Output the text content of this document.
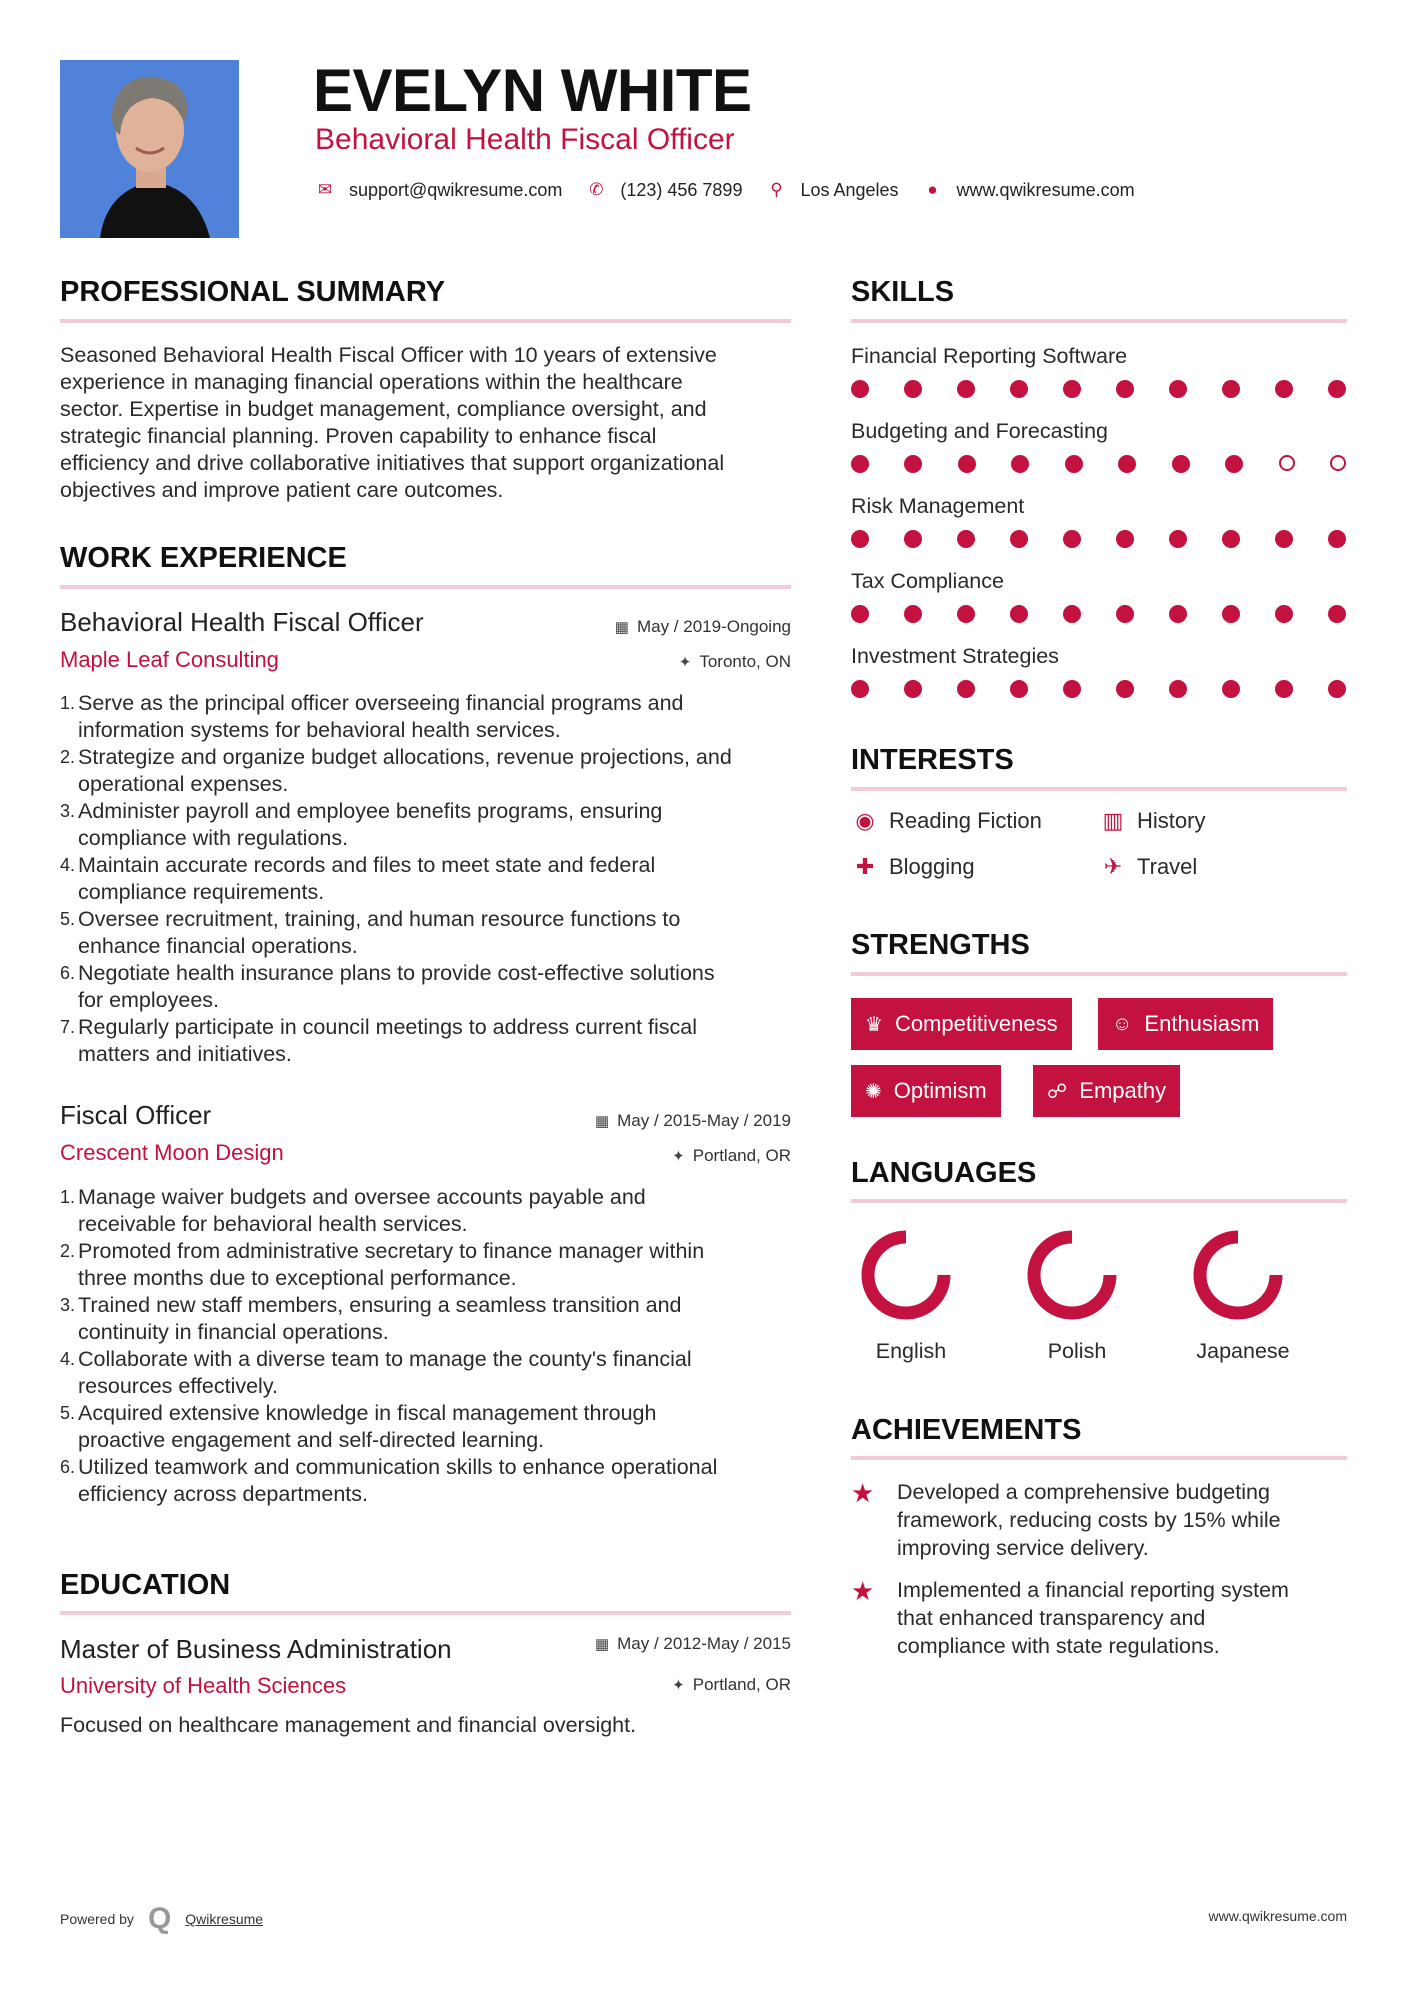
EVELYN WHITE
Behavioral Health Fiscal Officer
✉ support@qwikresume.com ✆ (123) 456 7899 ⚲ Los Angeles ● www.qwikresume.com
PROFESSIONAL SUMMARY
Seasoned Behavioral Health Fiscal Officer with 10 years of extensive
experience in managing financial operations within the healthcare
sector. Expertise in budget management, compliance oversight, and
strategic financial planning. Proven capability to enhance fiscal
efficiency and drive collaborative initiatives that support organizational
objectives and improve patient care outcomes.
WORK EXPERIENCE
Behavioral Health Fiscal Officer
Maple Leaf Consulting
▦ May / 2019-Ongoing
✦ Toronto, ON
1. Serve as the principal officer overseeing financial programs and
information systems for behavioral health services.
2. Strategize and organize budget allocations, revenue projections, and
operational expenses.
3. Administer payroll and employee benefits programs, ensuring
compliance with regulations.
4. Maintain accurate records and files to meet state and federal
compliance requirements.
5. Oversee recruitment, training, and human resource functions to
enhance financial operations.
6. Negotiate health insurance plans to provide cost-effective solutions
for employees.
7. Regularly participate in council meetings to address current fiscal
matters and initiatives.
Fiscal Officer
Crescent Moon Design
▦ May / 2015-May / 2019
✦ Portland, OR
1. Manage waiver budgets and oversee accounts payable and
receivable for behavioral health services.
2. Promoted from administrative secretary to finance manager within
three months due to exceptional performance.
3. Trained new staff members, ensuring a seamless transition and
continuity in financial operations.
4. Collaborate with a diverse team to manage the county's financial
resources effectively.
5. Acquired extensive knowledge in fiscal management through
proactive engagement and self-directed learning.
6. Utilized teamwork and communication skills to enhance operational
efficiency across departments.
EDUCATION
Master of Business Administration
University of Health Sciences
▦ May / 2012-May / 2015
✦ Portland, OR
Focused on healthcare management and financial oversight.
SKILLS
Financial Reporting Software
Budgeting and Forecasting
Risk Management
Tax Compliance
Investment Strategies
INTERESTS
◉ Reading Fiction	▥ History
✚ Blogging	✈ Travel
STRENGTHS
♛ Competitiveness	☺ Enthusiasm
✺ Optimism	☍ Empathy
LANGUAGES
English	Polish	Japanese
ACHIEVEMENTS
★	Developed a comprehensive budgeting
framework, reducing costs by 15% while
improving service delivery.
★	Implemented a financial reporting system
that enhanced transparency and
compliance with state regulations.
Powered by Q Qwikresume	www.qwikresume.com
